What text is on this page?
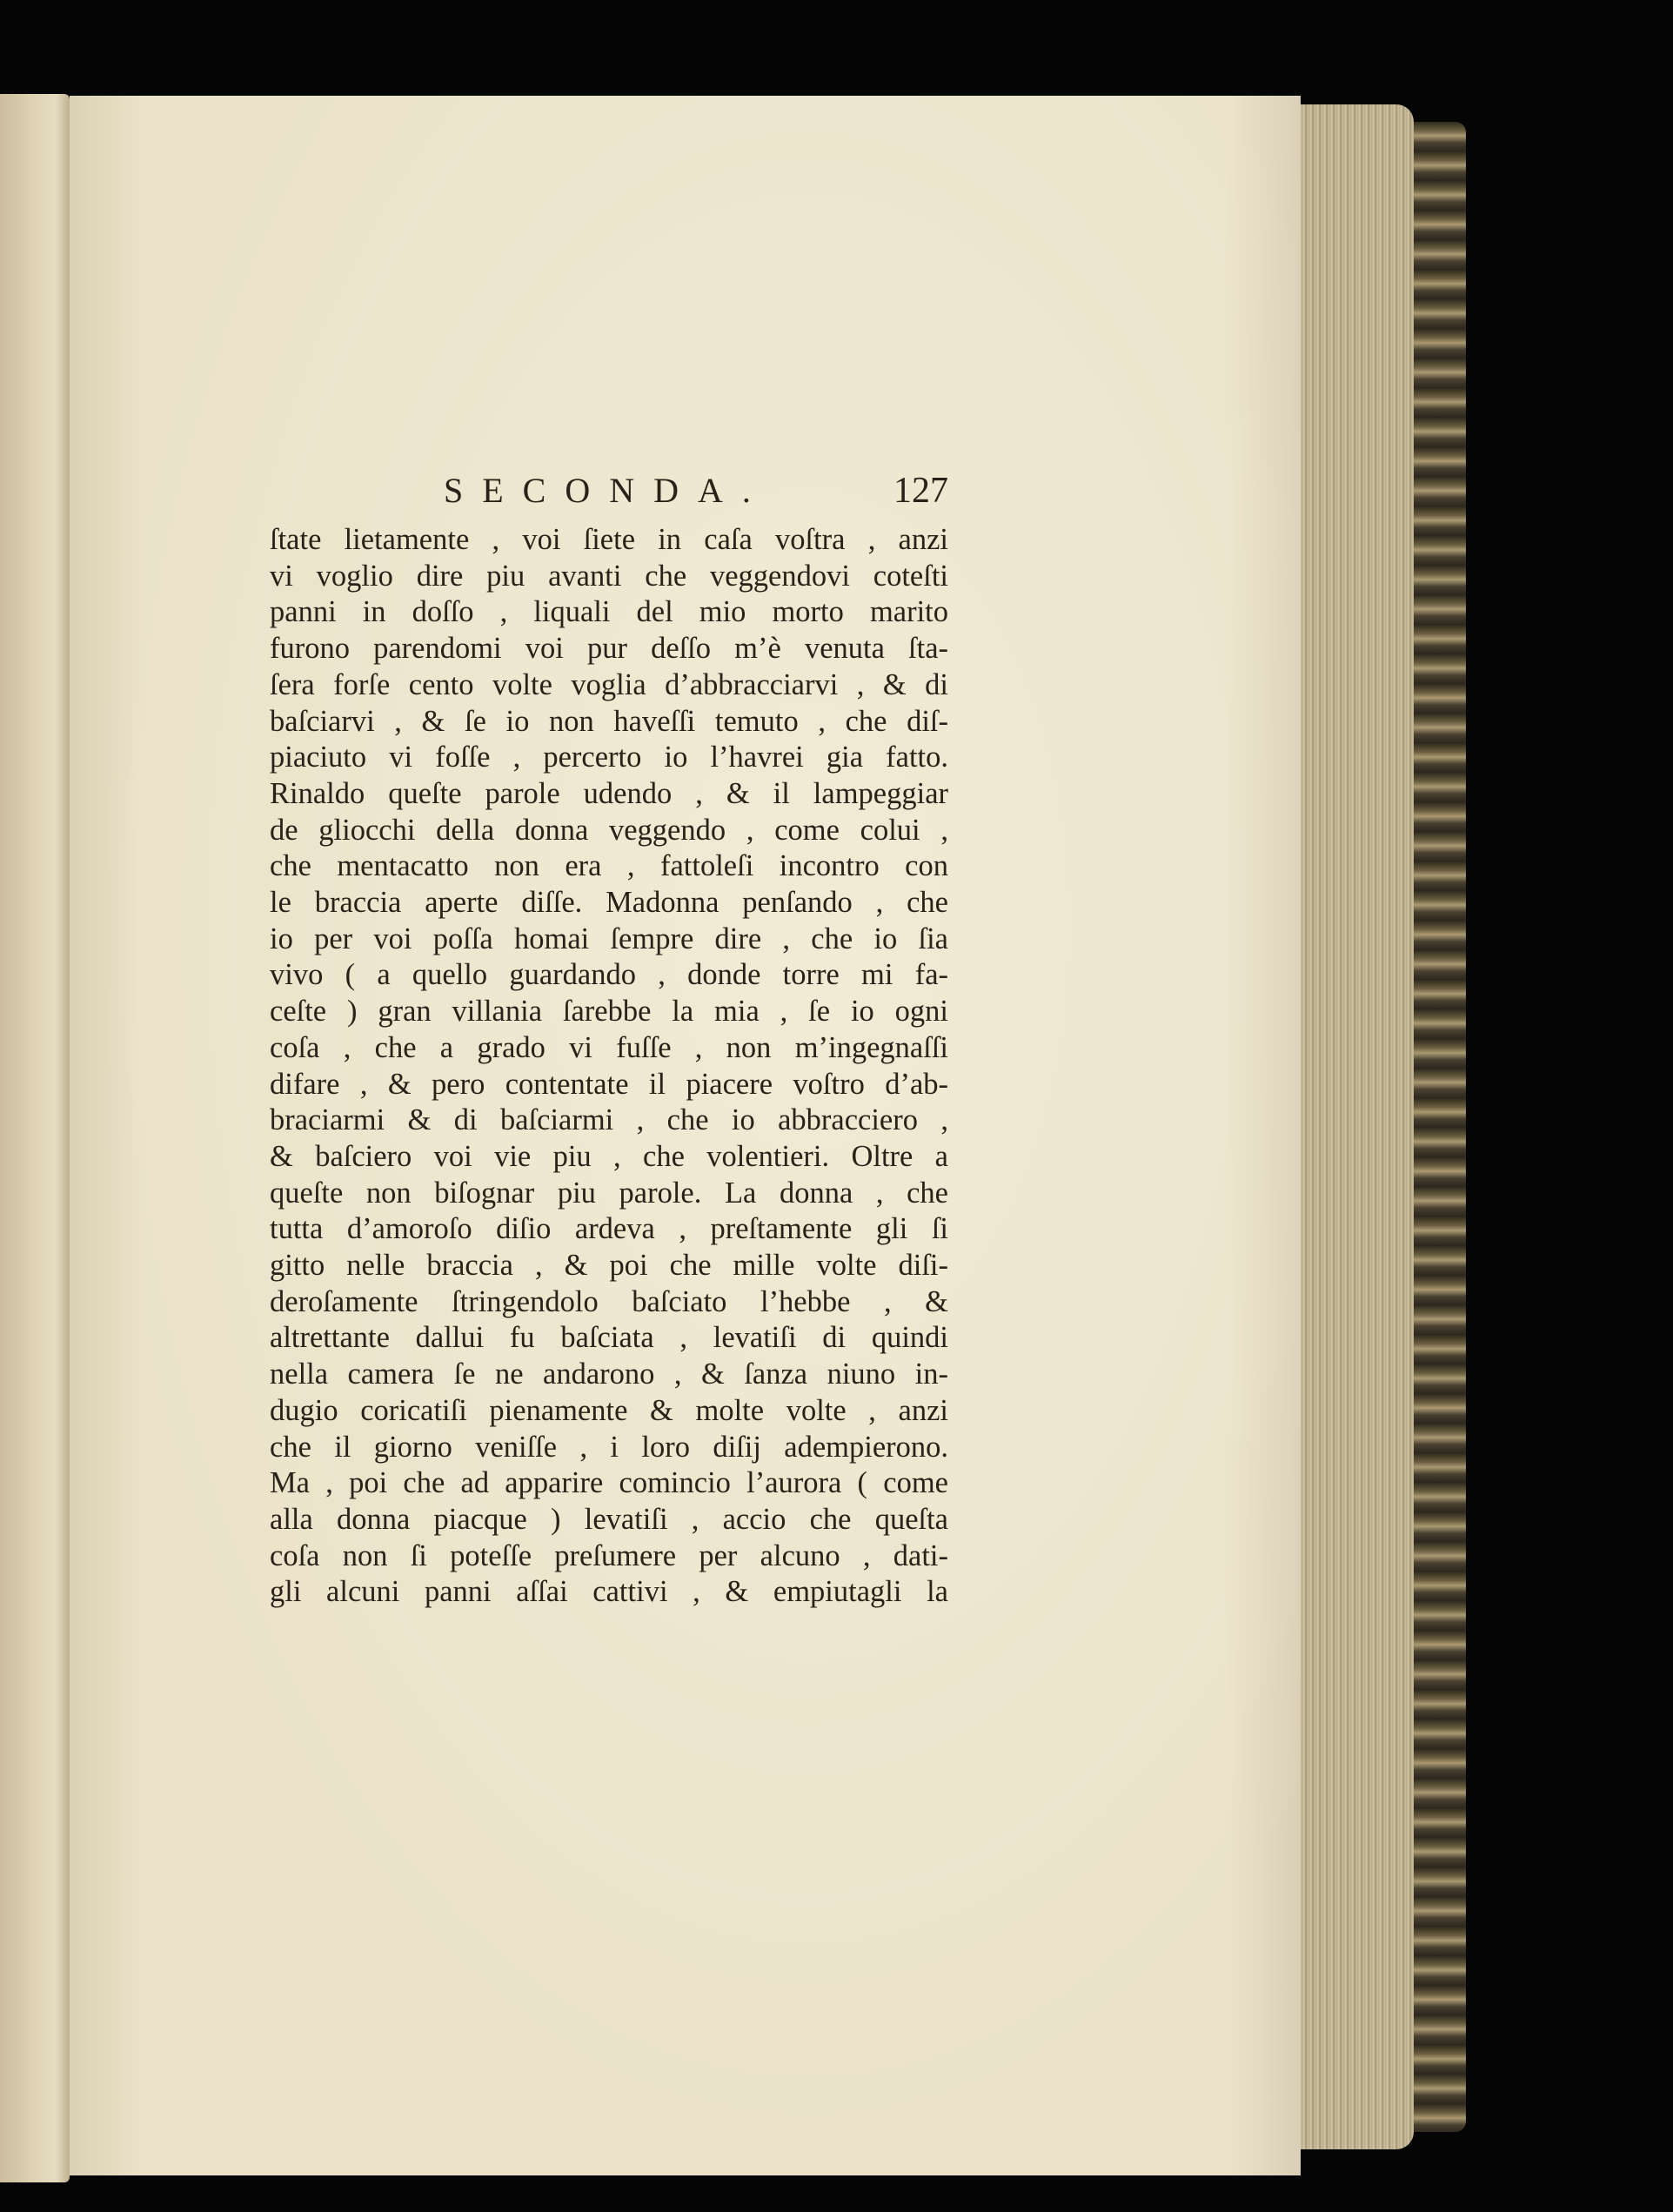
SECONDA.	127
ſtate lietamente , voi ſiete in caſa voſtra , anzi
vi voglio dire piu avanti che veggendovi coteſti
panni in doſſo , liquali del mio morto marito
furono parendomi voi pur deſſo m’è venuta ſta-
ſera forſe cento volte voglia d’abbracciarvi , & di
baſciarvi , & ſe io non haveſſi temuto , che diſ-
piaciuto vi foſſe , percerto io l’havrei gia fatto.
Rinaldo queſte parole udendo , & il lampeggiar
de gliocchi della donna veggendo , come colui ,
che mentacatto non era , fattoleſi incontro con
le braccia aperte diſſe. Madonna penſando , che
io per voi poſſa homai ſempre dire , che io ſia
vivo ( a quello guardando , donde torre mi fa-
ceſte ) gran villania ſarebbe la mia , ſe io ogni
coſa , che a grado vi fuſſe , non m’ingegnaſſi
difare , & pero contentate il piacere voſtro d’ab-
braciarmi & di baſciarmi , che io abbracciero ,
& baſciero voi vie piu , che volentieri. Oltre a
queſte non biſognar piu parole. La donna , che
tutta d’amoroſo diſio ardeva , preſtamente gli ſi
gitto nelle braccia , & poi che mille volte diſi-
deroſamente ſtringendolo baſciato l’hebbe , &
altrettante dallui fu baſciata , levatiſi di quindi
nella camera ſe ne andarono , & ſanza niuno in-
dugio coricatiſi pienamente & molte volte , anzi
che il giorno veniſſe , i loro diſij adempierono.
Ma , poi che ad apparire comincio l’aurora ( come
alla donna piacque ) levatiſi , accio che queſta
coſa non ſi poteſſe preſumere per alcuno , dati-
gli alcuni panni aſſai cattivi , & empiutagli la
